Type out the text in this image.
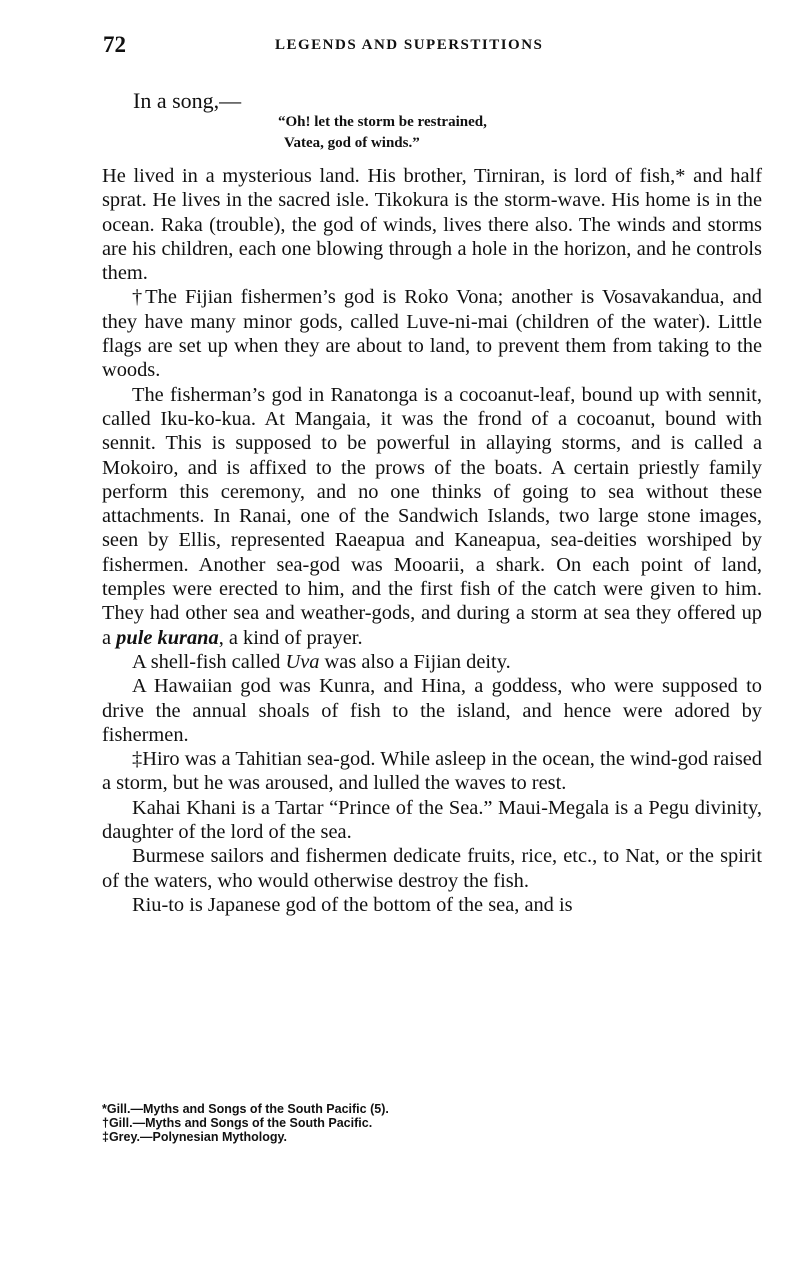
72	LEGENDS AND SUPERSTITIONS
In a song,—
“Oh! let the storm be restrained,
Vatea, god of winds.”

He lived in a mysterious land. His brother, Tirniran, is lord of fish,* and half sprat. He lives in the sacred isle. Tikokura is the storm-wave. His home is in the ocean. Raka (trouble), the god of winds, lives there also. The winds and storms are his children, each one blowing through a hole in the horizon, and he controls them.

†The Fijian fishermen’s god is Roko Vona; another is Vosavakandua, and they have many minor gods, called Luve-ni-mai (children of the water). Little flags are set up when they are about to land, to prevent them from taking to the woods.

The fisherman’s god in Ranatonga is a cocoanut-leaf, bound up with sennit, called Iku-ko-kua. At Mangaia, it was the frond of a cocoanut, bound with sennit. This is supposed to be powerful in allaying storms, and is called a Mokoiro, and is affixed to the prows of the boats. A certain priestly family perform this ceremony, and no one thinks of going to sea without these attachments. In Ranai, one of the Sandwich Islands, two large stone images, seen by Ellis, represented Raeapua and Kaneapua, sea-deities worshiped by fishermen. Another sea-god was Mooarii, a shark. On each point of land, temples were erected to him, and the first fish of the catch were given to him. They had other sea and weather-gods, and during a storm at sea they offered up a pule kurana, a kind of prayer.

A shell-fish called Uva was also a Fijian deity.

A Hawaiian god was Kunra, and Hina, a goddess, who were supposed to drive the annual shoals of fish to the island, and hence were adored by fishermen.

‡Hiro was a Tahitian sea-god. While asleep in the ocean, the wind-god raised a storm, but he was aroused, and lulled the waves to rest.

Kahai Khani is a Tartar “Prince of the Sea.” Maui-Megala is a Pegu divinity, daughter of the lord of the sea.

Burmese sailors and fishermen dedicate fruits, rice, etc., to Nat, or the spirit of the waters, who would otherwise destroy the fish.

Riu-to is Japanese god of the bottom of the sea, and is

*Gill.—Myths and Songs of the South Pacific (5).
†Gill.—Myths and Songs of the South Pacific.
‡Grey.—Polynesian Mythology.
